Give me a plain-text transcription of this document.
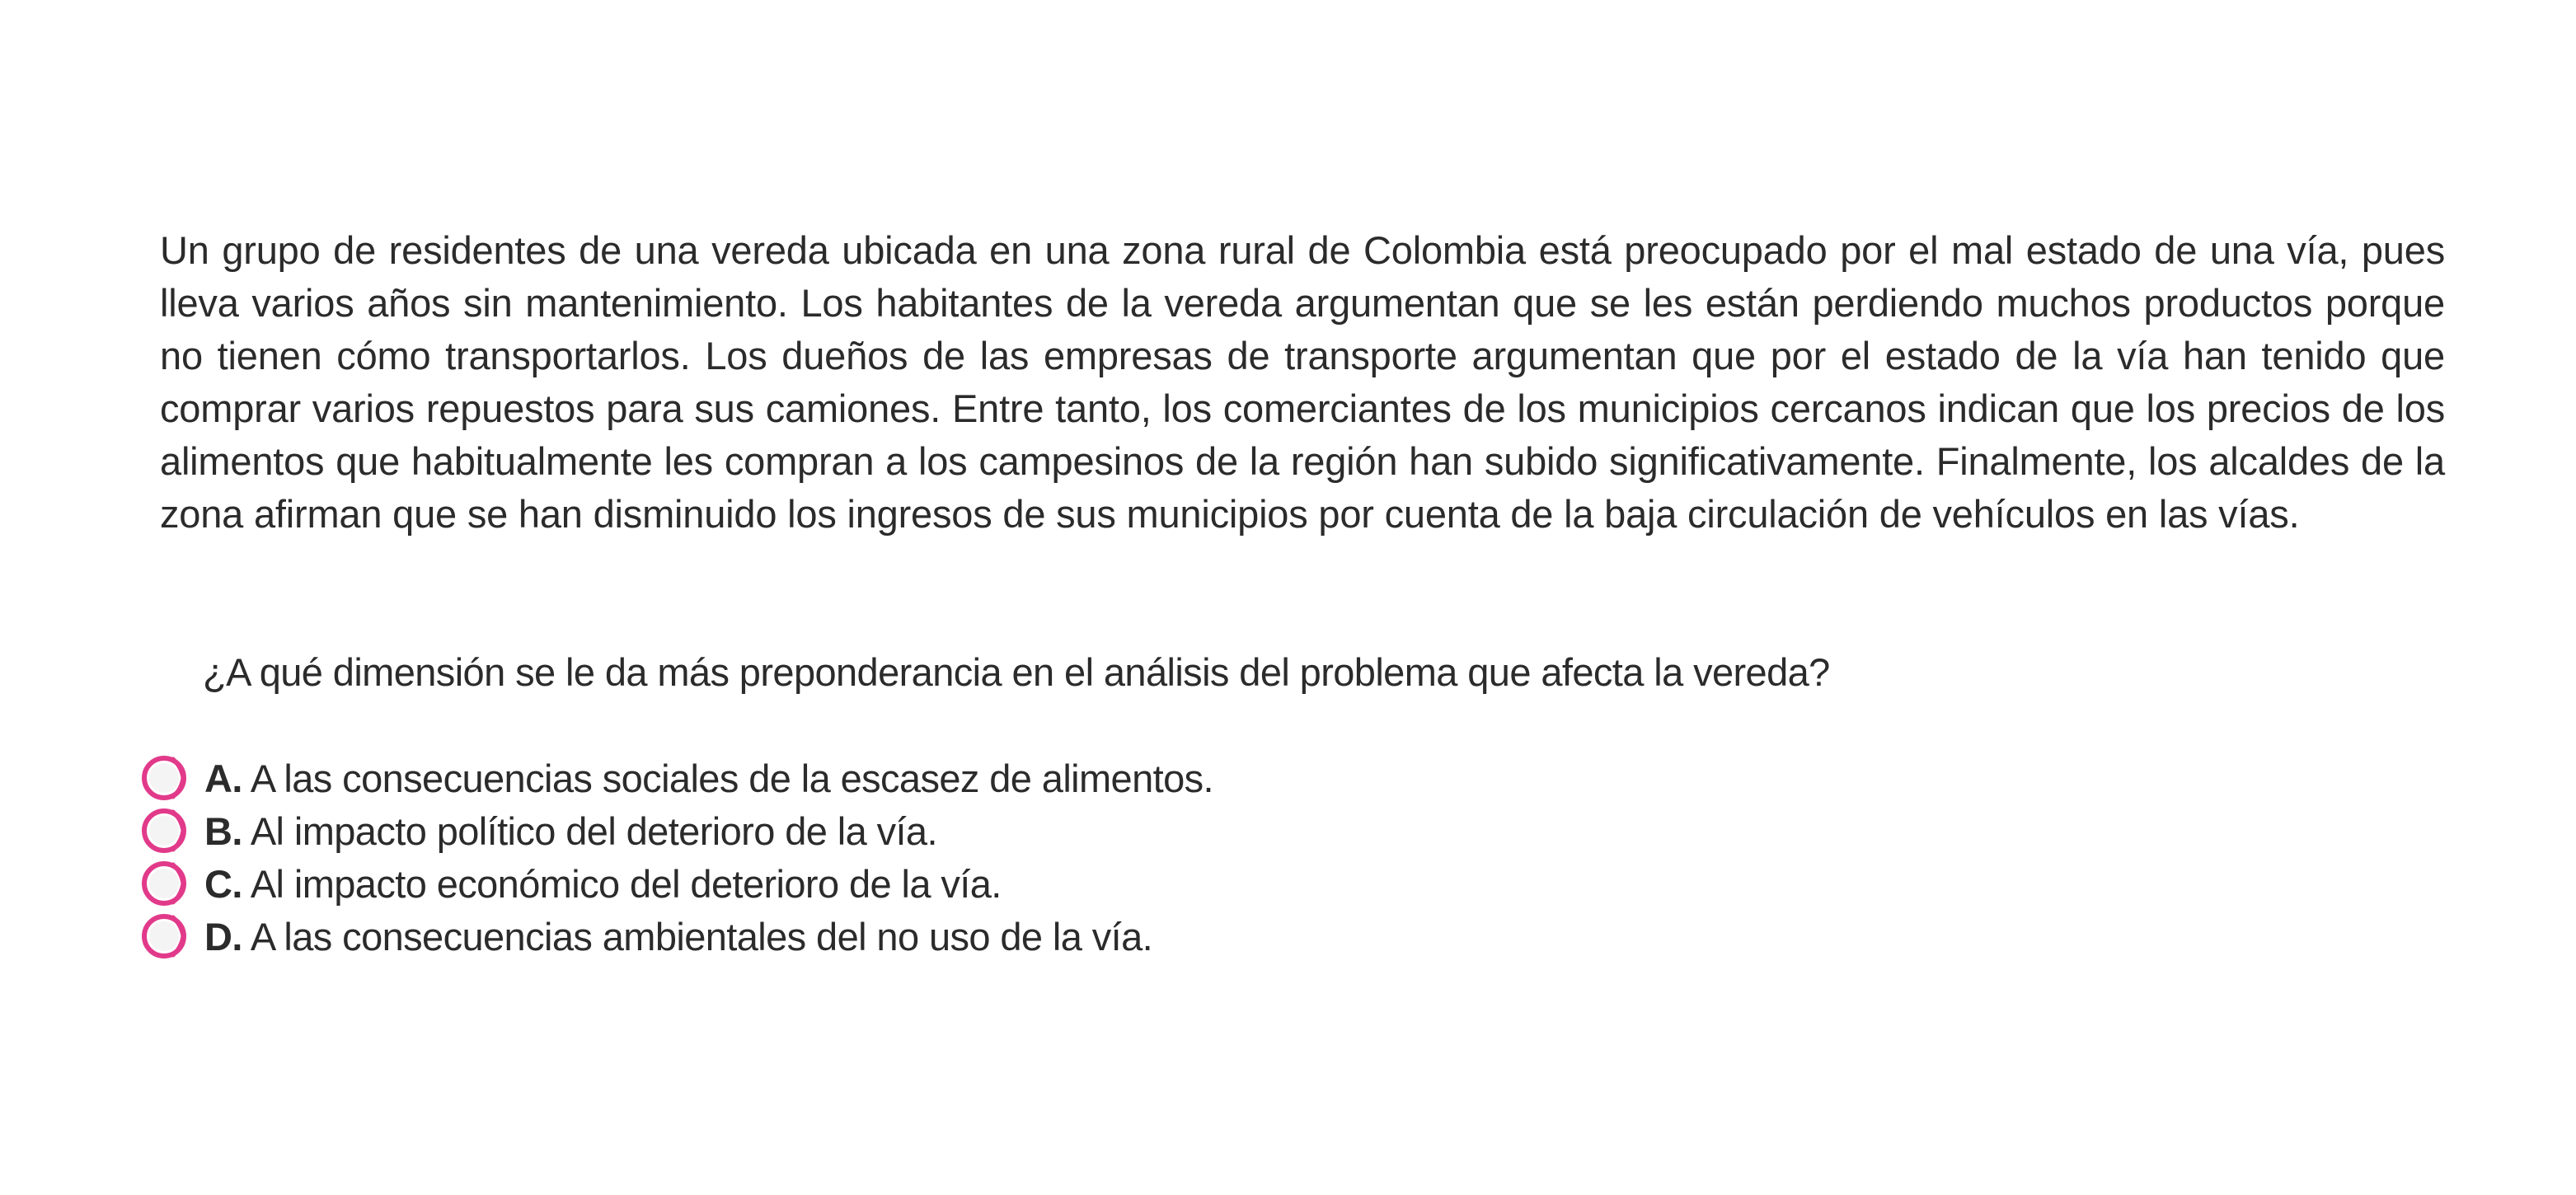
Un grupo de residentes de una vereda ubicada en una zona rural de Colombia está preocupado por el mal estado de una vía, pues lleva varios años sin mantenimiento. Los habitantes de la vereda argumentan que se les están perdiendo muchos productos porque no tienen cómo transportarlos. Los dueños de las empresas de transporte argumentan que por el estado de la vía han tenido que comprar varios repuestos para sus camiones. Entre tanto, los comerciantes de los municipios cercanos indican que los precios de los alimentos que habitualmente les compran a los campesinos de la región han subido significativamente. Finalmente, los alcaldes de la zona afirman que se han disminuido los ingresos de sus municipios por cuenta de la baja circulación de vehículos en las vías.

¿A qué dimensión se le da más preponderancia en el análisis del problema que afecta la vereda?

A. A las consecuencias sociales de la escasez de alimentos.
B. Al impacto político del deterioro de la vía.
C. Al impacto económico del deterioro de la vía.
D. A las consecuencias ambientales del no uso de la vía.
